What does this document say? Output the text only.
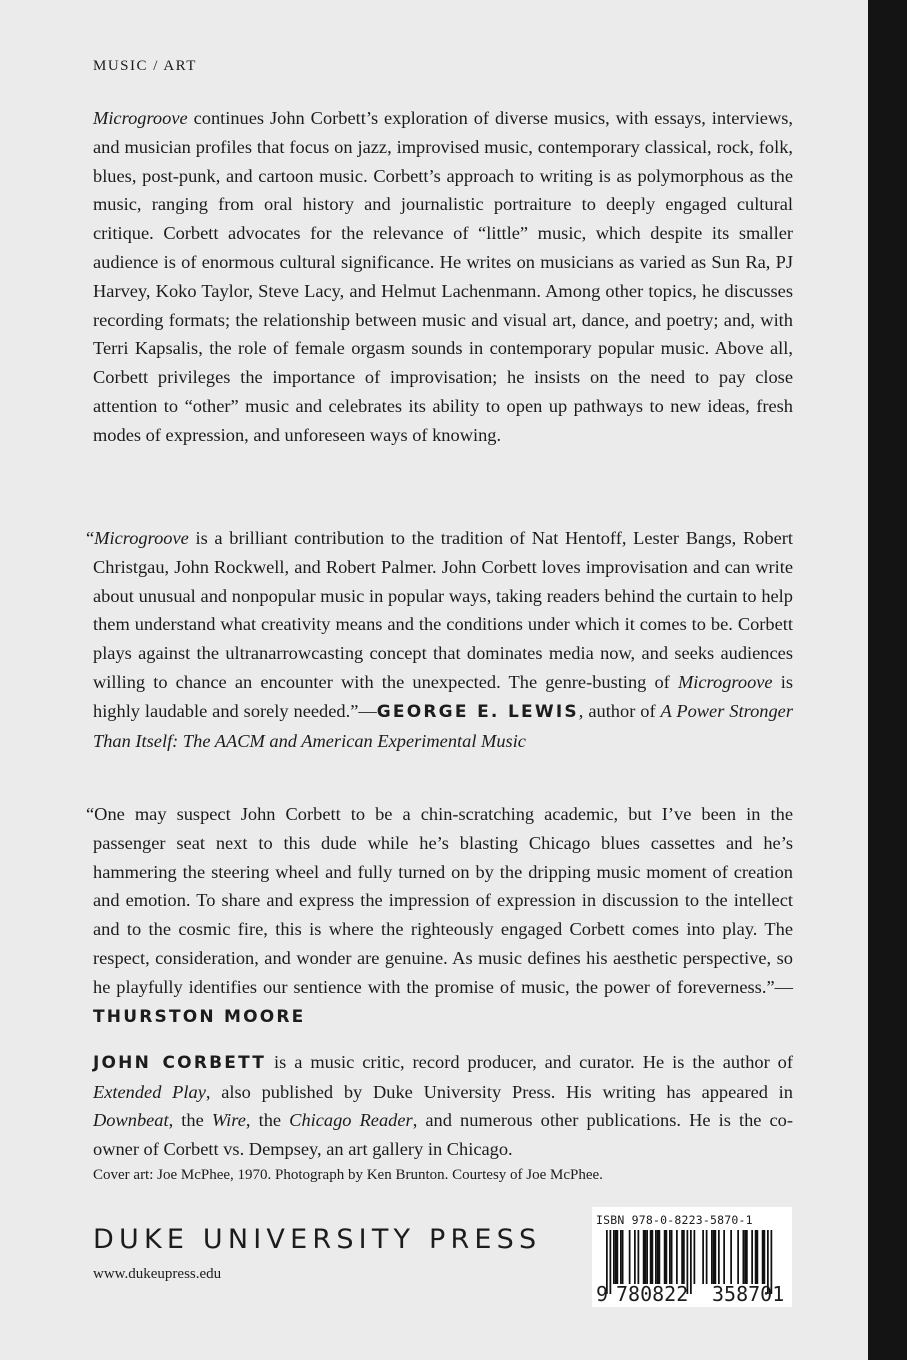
MUSIC / ART
Microgroove continues John Corbett’s exploration of diverse musics, with essays, interviews, and musician profiles that focus on jazz, improvised music, contemporary classical, rock, folk, blues, post-punk, and cartoon music. Corbett’s approach to writing is as polymorphous as the music, ranging from oral history and journalistic portraiture to deeply engaged cultural critique. Corbett advocates for the relevance of “little” music, which despite its smaller audience is of enormous cultural significance. He writes on musicians as varied as Sun Ra, PJ Harvey, Koko Taylor, Steve Lacy, and Helmut Lachenmann. Among other topics, he discusses recording formats; the relationship between music and visual art, dance, and poetry; and, with Terri Kapsalis, the role of female orgasm sounds in contemporary popular music. Above all, Corbett privileges the importance of improvisation; he insists on the need to pay close attention to “other” music and celebrates its ability to open up pathways to new ideas, fresh modes of expression, and unforeseen ways of knowing.
“Microgroove is a brilliant contribution to the tradition of Nat Hentoff, Lester Bangs, Robert Christgau, John Rockwell, and Robert Palmer. John Corbett loves improvisation and can write about unusual and nonpopular music in popular ways, taking readers behind the curtain to help them understand what creativity means and the conditions under which it comes to be. Corbett plays against the ultranarrowcasting concept that dominates media now, and seeks audiences willing to chance an encounter with the unexpected. The genre-busting of Microgroove is highly laudable and sorely needed.”—GEORGE E. LEWIS, author of A Power Stronger Than Itself: The AACM and American Experimental Music
“One may suspect John Corbett to be a chin-scratching academic, but I’ve been in the passenger seat next to this dude while he’s blasting Chicago blues cassettes and he’s hammering the steering wheel and fully turned on by the dripping music moment of creation and emotion. To share and express the impression of expression in discussion to the intellect and to the cosmic fire, this is where the righteously engaged Corbett comes into play. The respect, consideration, and wonder are genuine. As music defines his aesthetic perspective, so he playfully identifies our sentience with the promise of music, the power of foreverness.”—THURSTON MOORE
JOHN CORBETT is a music critic, record producer, and curator. He is the author of Extended Play, also published by Duke University Press. His writing has appeared in Downbeat, the Wire, the Chicago Reader, and numerous other publications. He is the co-owner of Corbett vs. Dempsey, an art gallery in Chicago.
Cover art: Joe McPhee, 1970. Photograph by Ken Brunton. Courtesy of Joe McPhee.
DUKE UNIVERSITY PRESS
www.dukeupress.edu
ISBN 978-0-8223-5870-1
9 780822 358701
